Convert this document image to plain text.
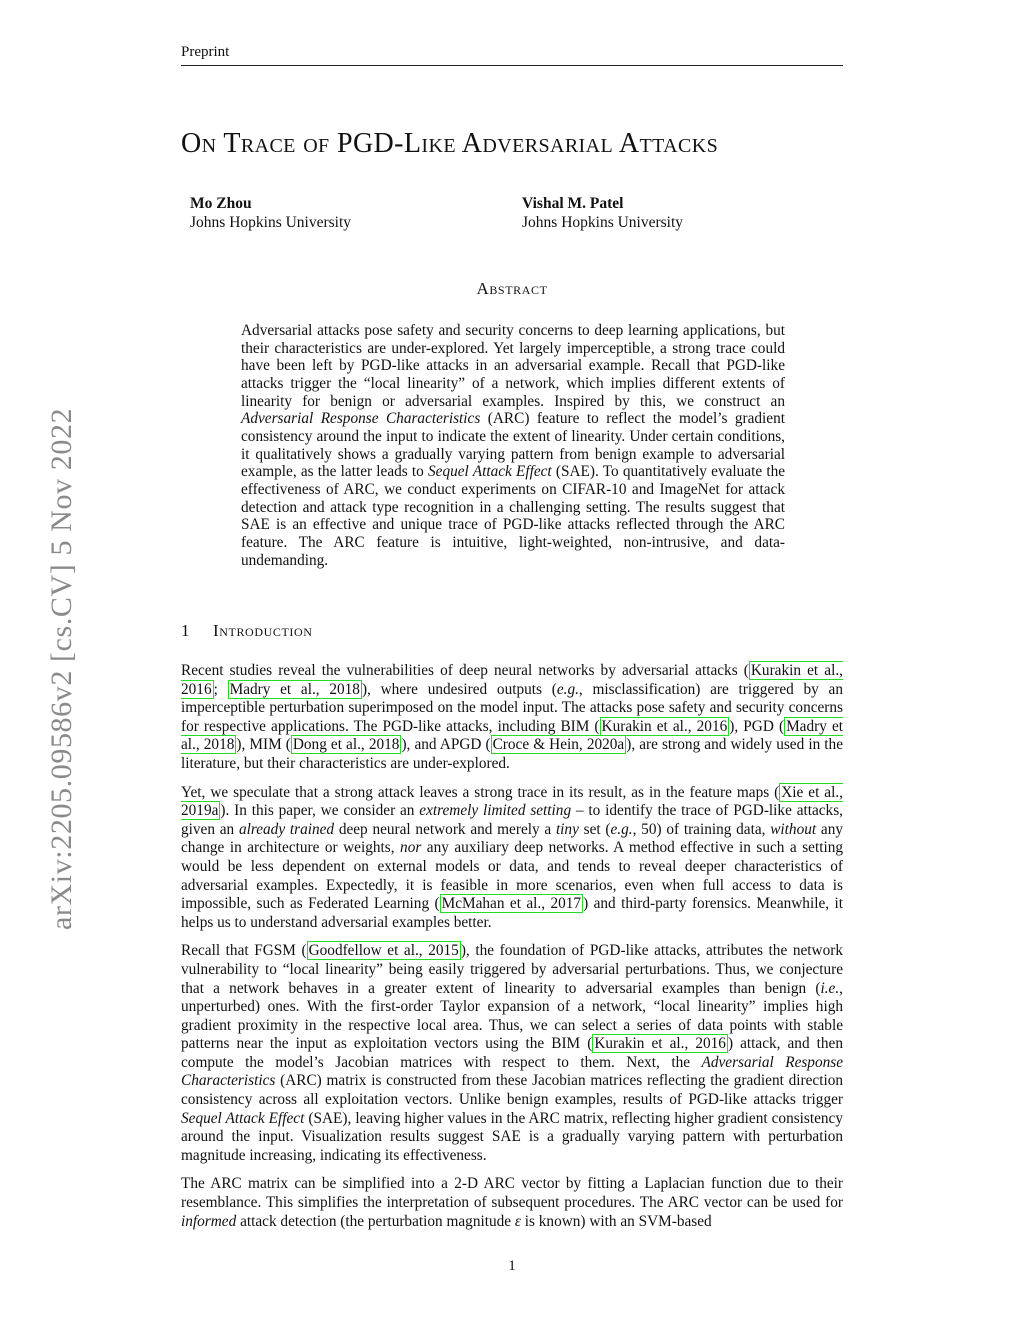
Preprint
arXiv:2205.09586v2 [cs.CV] 5 Nov 2022
On Trace of PGD-Like Adversarial Attacks
Mo Zhou
Johns Hopkins University
Vishal M. Patel
Johns Hopkins University
Abstract

Adversarial attacks pose safety and security concerns to deep learning applications, but their characteristics are under-explored. Yet largely imperceptible, a strong trace could have been left by PGD-like attacks in an adversarial example. Recall that PGD-like attacks trigger the “local linearity” of a network, which implies different extents of linearity for benign or adversarial examples. Inspired by this, we construct an Adversarial Response Characteristics (ARC) feature to reflect the model’s gradient consistency around the input to indicate the extent of linearity. Under certain conditions, it qualitatively shows a gradually varying pattern from benign example to adversarial example, as the latter leads to Sequel Attack Effect (SAE). To quantitatively evaluate the effectiveness of ARC, we conduct experiments on CIFAR-10 and ImageNet for attack detection and attack type recognition in a challenging setting. The results suggest that SAE is an effective and unique trace of PGD-like attacks reflected through the ARC feature. The ARC feature is intuitive, light-weighted, non-intrusive, and data-undemanding.

1 Introduction

Recent studies reveal the vulnerabilities of deep neural networks by adversarial attacks ( Kurakin et al., 2016 ; Madry et al., 2018 ), where undesired outputs (e.g., misclassification) are triggered by an imperceptible perturbation superimposed on the model input. The attacks pose safety and security concerns for respective applications. The PGD-like attacks, including BIM ( Kurakin et al., 2016 ), PGD ( Madry et al., 2018 ), MIM ( Dong et al., 2018 ), and APGD ( Croce & Hein, 2020a ), are strong and widely used in the literature, but their characteristics are under-explored.

Yet, we speculate that a strong attack leaves a strong trace in its result, as in the feature maps ( Xie et al., 2019a ). In this paper, we consider an extremely limited setting – to identify the trace of PGD-like attacks, given an already trained deep neural network and merely a tiny set (e.g., 50) of training data, without any change in architecture or weights, nor any auxiliary deep networks. A method effective in such a setting would be less dependent on external models or data, and tends to reveal deeper characteristics of adversarial examples. Expectedly, it is feasible in more scenarios, even when full access to data is impossible, such as Federated Learning ( McMahan et al., 2017 ) and third-party forensics. Meanwhile, it helps us to understand adversarial examples better.

Recall that FGSM ( Goodfellow et al., 2015 ), the foundation of PGD-like attacks, attributes the network vulnerability to “local linearity” being easily triggered by adversarial perturbations. Thus, we conjecture that a network behaves in a greater extent of linearity to adversarial examples than benign (i.e., unperturbed) ones. With the first-order Taylor expansion of a network, “local linearity” implies high gradient proximity in the respective local area. Thus, we can select a series of data points with stable patterns near the input as exploitation vectors using the BIM ( Kurakin et al., 2016 ) attack, and then compute the model’s Jacobian matrices with respect to them. Next, the Adversarial Response Characteristics (ARC) matrix is constructed from these Jacobian matrices reflecting the gradient direction consistency across all exploitation vectors. Unlike benign examples, results of PGD-like attacks trigger Sequel Attack Effect (SAE), leaving higher values in the ARC matrix, reflecting higher gradient consistency around the input. Visualization results suggest SAE is a gradually varying pattern with perturbation magnitude increasing, indicating its effectiveness.

The ARC matrix can be simplified into a 2-D ARC vector by fitting a Laplacian function due to their resemblance. This simplifies the interpretation of subsequent procedures. The ARC vector can be used for informed attack detection (the perturbation magnitude ε is known) with an SVM-based

1
